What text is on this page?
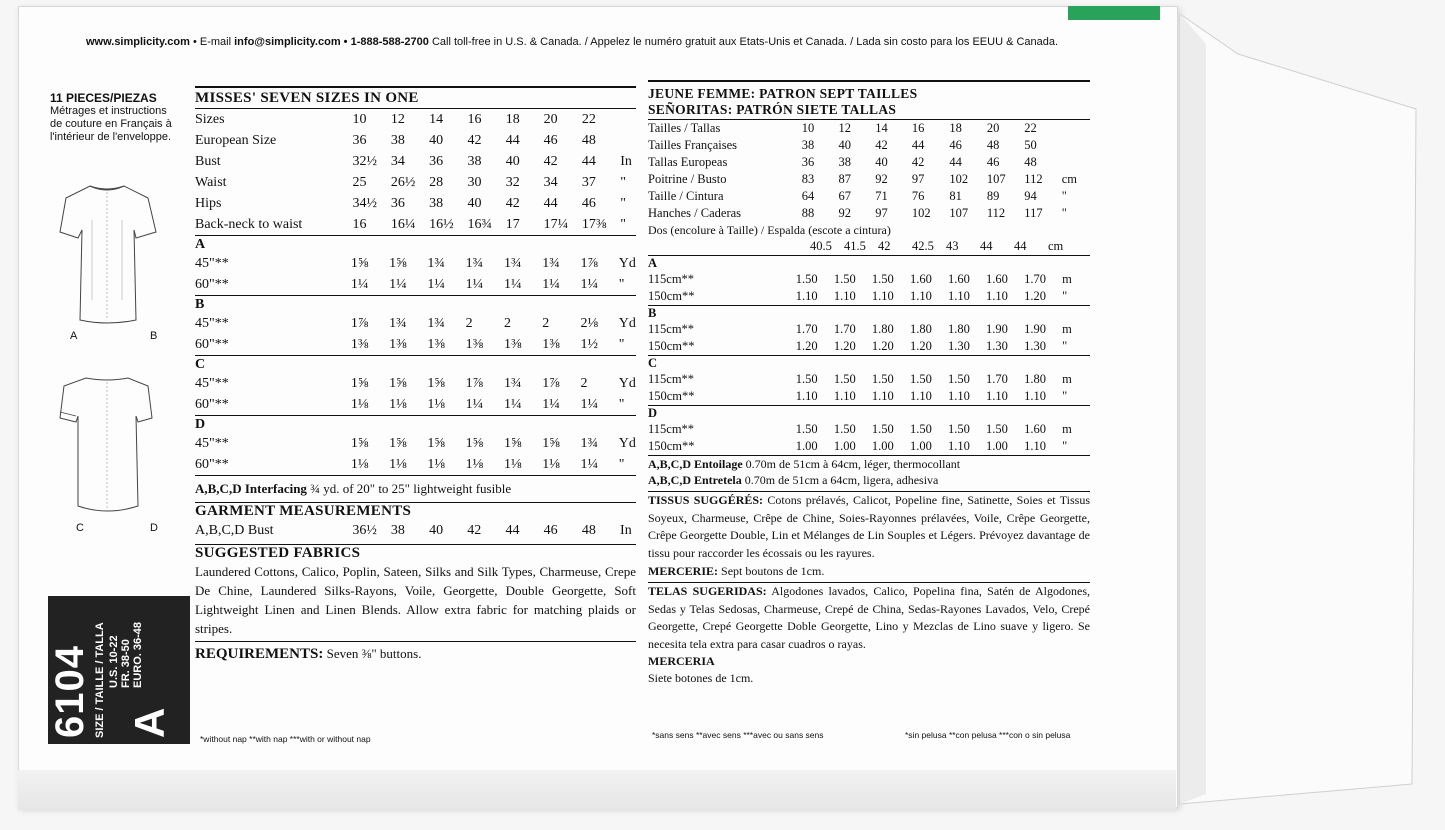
www.simplicity.com • E-mail info@simplicity.com • 1-888-588-2700 Call toll-free in U.S. & Canada. / Appelez le numéro gratuit aux Etats-Unis et Canada. / Lada sin costo para los EEUU & Canada.
11 PIECES/PIEZAS
Métrages et instructions
de couture en Français à
l'intérieur de l'enveloppe.
A	B
C	D
6104 SIZE / TAILLE / TALLA A
U.S. 10-22 FR. 38-50 EURO. 36-48
MISSES' SEVEN SIZES IN ONE
Sizes	10	12	14	16	18	20	22	
European Size	36	38	40	42	44	46	48	
Bust	32½	34	36	38	40	42	44	In
Waist	25	26½	28	30	32	34	37	"
Hips	34½	36	38	40	42	44	46	"
Back-neck to waist	16	16¼	16½	16¾	17	17¼	17⅜	"
A								
45"**	1⅝	1⅝	1¾	1¾	1¾	1¾	1⅞	Yd
60"**	1¼	1¼	1¼	1¼	1¼	1¼	1¼	"
B								
45"**	1⅞	1¾	1¾	2	2	2	2⅛	Yd
60"**	1⅜	1⅜	1⅜	1⅜	1⅜	1⅜	1½	"
C								
45"**	1⅝	1⅝	1⅝	1⅞	1¾	1⅞	2	Yd
60"**	1⅛	1⅛	1⅛	1¼	1¼	1¼	1¼	"
D								
45"**	1⅝	1⅝	1⅝	1⅝	1⅝	1⅝	1¾	Yd
60"**	1⅛	1⅛	1⅛	1⅛	1⅛	1⅛	1¼	"
A,B,C,D Interfacing ¾ yd. of 20" to 25" lightweight fusible
GARMENT MEASUREMENTS
A,B,C,D Bust	36½	38	40	42	44	46	48	In
SUGGESTED FABRICS
Laundered Cottons, Calico, Poplin, Sateen, Silks and Silk Types, Charmeuse, Crepe De Chine, Laundered Silks-Rayons, Voile, Georgette, Double Georgette, Soft Lightweight Linen and Linen Blends. Allow extra fabric for matching plaids or stripes.
REQUIREMENTS: Seven ⅜" buttons.
*without nap **with nap ***with or without nap
JEUNE FEMME: PATRON SEPT TAILLES
SEÑORITAS: PATRÓN SIETE TALLAS
Tailles / Tallas	10	12	14	16	18	20	22	
Tailles Françaises	38	40	42	44	46	48	50	
Tallas Europeas	36	38	40	42	44	46	48	
Poitrine / Busto	83	87	92	97	102	107	112	cm
Taille / Cintura	64	67	71	76	81	89	94	"
Hanches / Caderas	88	92	97	102	107	112	117	"
Dos (encolure à Taille) / Espalda (escote a cintura)
	40.5	41.5	42	42.5	43	44	44	cm
A								
115cm**	1.50	1.50	1.50	1.60	1.60	1.60	1.70	m
150cm**	1.10	1.10	1.10	1.10	1.10	1.10	1.20	"
B								
115cm**	1.70	1.70	1.80	1.80	1.80	1.90	1.90	m
150cm**	1.20	1.20	1.20	1.20	1.30	1.30	1.30	"
C								
115cm**	1.50	1.50	1.50	1.50	1.50	1.70	1.80	m
150cm**	1.10	1.10	1.10	1.10	1.10	1.10	1.10	"
D								
115cm**	1.50	1.50	1.50	1.50	1.50	1.50	1.60	m
150cm**	1.00	1.00	1.00	1.00	1.10	1.00	1.10	"
A,B,C,D Entoilage 0.70m de 51cm à 64cm, léger, thermocollant
A,B,C,D Entretela 0.70m de 51cm a 64cm, ligera, adhesiva
TISSUS SUGGÉRÉS: Cotons prélavés, Calicot, Popeline fine, Satinette, Soies et Tissus Soyeux, Charmeuse, Crêpe de Chine, Soies-Rayonnes prélavées, Voile, Crêpe Georgette, Crêpe Georgette Double, Lin et Mélanges de Lin Souples et Légers. Prévoyez davantage de tissu pour raccorder les écossais ou les rayures.
MERCERIE: Sept boutons de 1cm.
TELAS SUGERIDAS: Algodones lavados, Calico, Popelina fina, Satén de Algodones, Sedas y Telas Sedosas, Charmeuse, Crepé de China, Sedas-Rayones Lavados, Velo, Crepé Georgette, Crepé Georgette Doble Georgette, Lino y Mezclas de Lino suave y ligero. Se necesita tela extra para casar cuadros o rayas.
MERCERIA
Siete botones de 1cm.
*sans sens **avec sens ***avec ou sans sens	*sin pelusa **con pelusa ***con o sin pelusa
